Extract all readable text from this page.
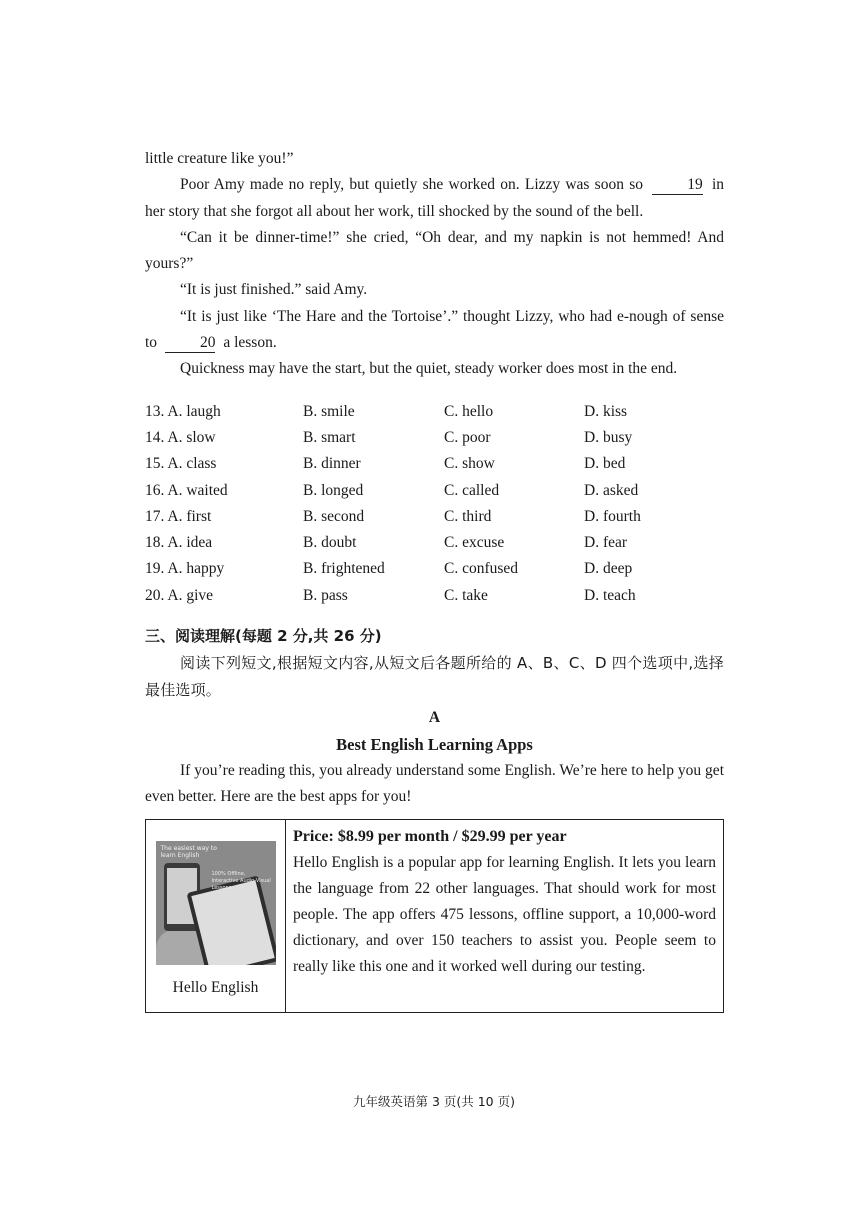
little creature like you!”

Poor Amy made no reply, but quietly she worked on. Lizzy was soon so	19 in her story that she forgot all about her work, till shocked by the sound of the bell.

“Can it be dinner-time!” she cried, “Oh dear, and my napkin is not hemmed! And yours?”

“It is just finished.” said Amy.

“It is just like ‘The Hare and the Tortoise’.” thought Lizzy, who had e-nough of sense to	20 a lesson.

Quickness may have the start, but the quiet, steady worker does most in the end.

13. A. laugh	B. smile	C. hello	D. kiss
14. A. slow	B. smart	C. poor	D. busy
15. A. class	B. dinner	C. show	D. bed
16. A. waited	B. longed	C. called	D. asked
17. A. first	B. second	C. third	D. fourth
18. A. idea	B. doubt	C. excuse	D. fear
19. A. happy	B. frightened	C. confused	D. deep
20. A. give	B. pass	C. take	D. teach
三、阅读理解(每题 2 分,共 26 分)
阅读下列短文,根据短文内容,从短文后各题所给的 A、B、C、D 四个选项中,选择最佳选项。
A
Best English Learning Apps

If you’re reading this, you already understand some English. We’re here to help you get even better. Here are the best apps for you!

The easiest way to learn English
100% Offline, Interactive Audio-Visual Lessons
Hello English
Price: $8.99 per month / $29.99 per year
Hello English is a popular app for learning English. It lets you learn the language from 22 other languages. That should work for most people. The app offers 475 lessons, offline support, a 10,000-word dictionary, and over 150 teachers to assist you. People seem to really like this one and it worked well during our testing.
九年级英语第 3 页(共 10 页)
